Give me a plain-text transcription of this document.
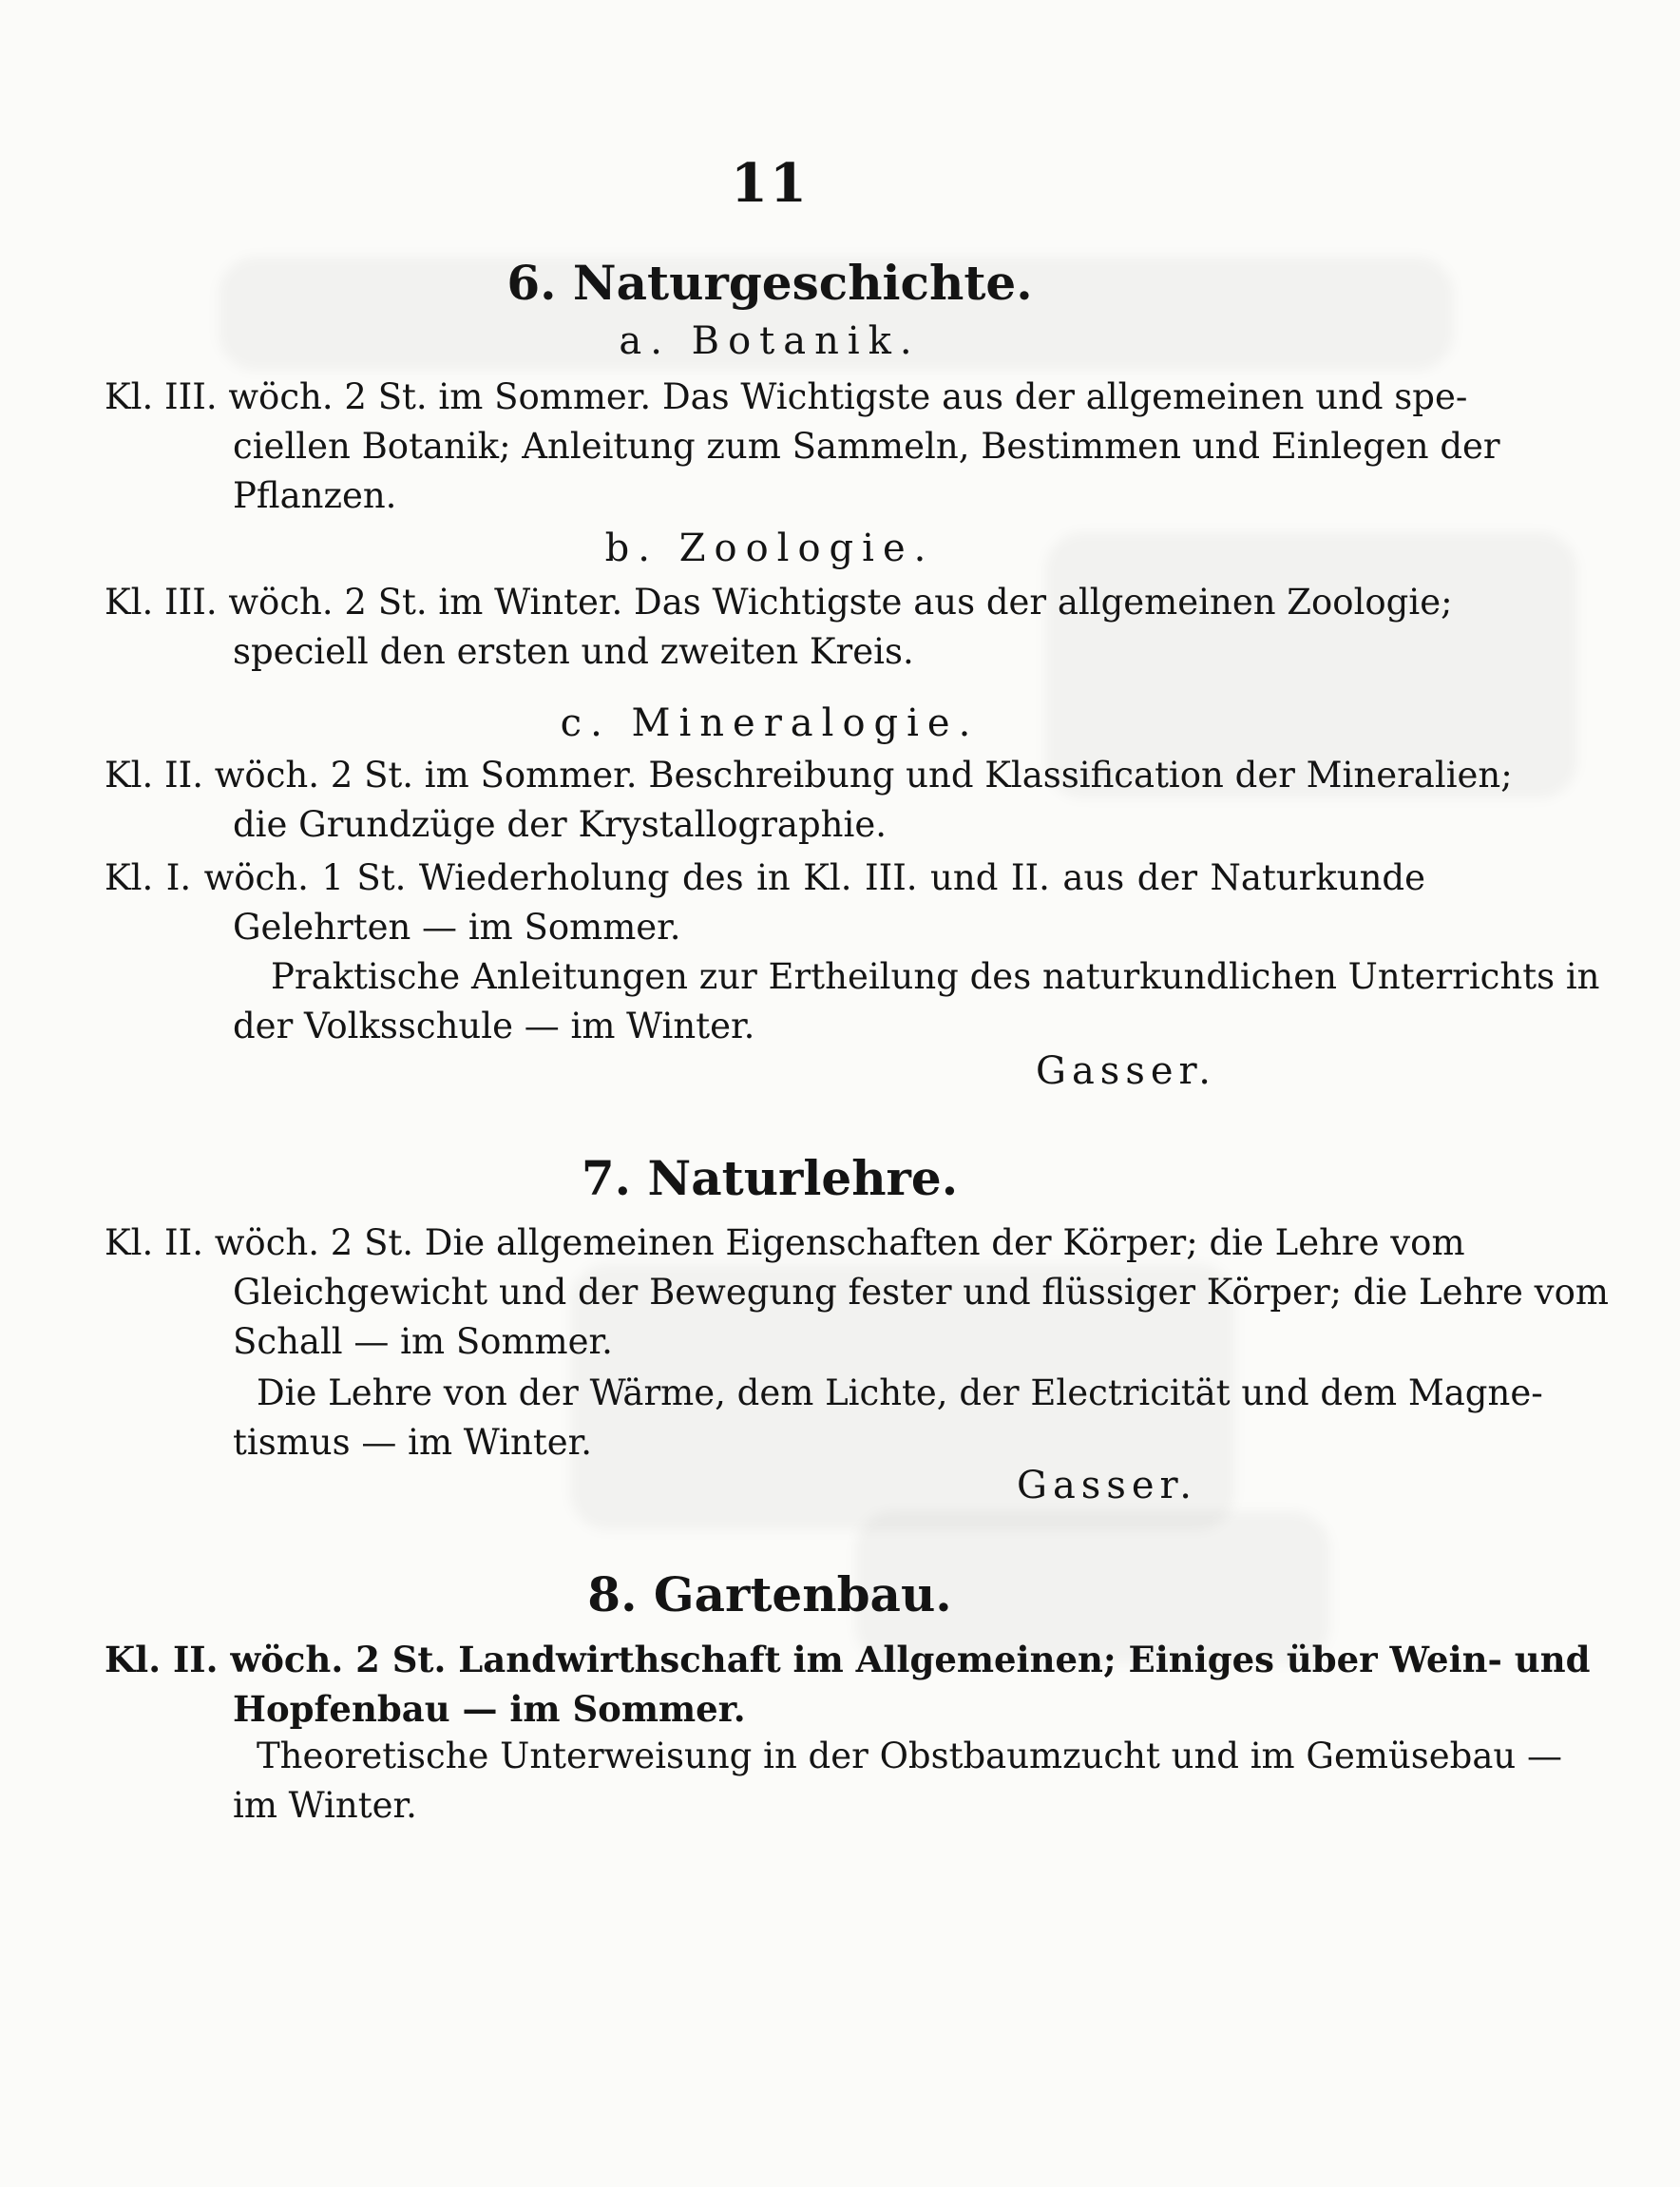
11
6. Naturgeschichte.
a. Botanik.
Kl. III. wöch. 2 St. im Sommer. Das Wichtigste aus der allgemeinen und spe-
ciellen Botanik; Anleitung zum Sammeln, Bestimmen und Einlegen der
Pflanzen.
b. Zoologie.
Kl. III. wöch. 2 St. im Winter. Das Wichtigste aus der allgemeinen Zoologie;
speciell den ersten und zweiten Kreis.
c. Mineralogie.
Kl. II. wöch. 2 St. im Sommer. Beschreibung und Klassification der Mineralien;
die Grundzüge der Krystallographie.
Kl. I. wöch. 1 St. Wiederholung des in Kl. III. und II. aus der Naturkunde
Gelehrten — im Sommer.
Praktische Anleitungen zur Ertheilung des naturkundlichen Unterrichts in
der Volksschule — im Winter.
Gasser.
7. Naturlehre.
Kl. II. wöch. 2 St. Die allgemeinen Eigenschaften der Körper; die Lehre vom
Gleichgewicht und der Bewegung fester und flüssiger Körper; die Lehre vom
Schall — im Sommer.
Die Lehre von der Wärme, dem Lichte, der Electricität und dem Magne-
tismus — im Winter.
Gasser.
8. Gartenbau.
Kl. II. wöch. 2 St. Landwirthschaft im Allgemeinen; Einiges über Wein- und
Hopfenbau — im Sommer.
Theoretische Unterweisung in der Obstbaumzucht und im Gemüsebau —
im Winter.
